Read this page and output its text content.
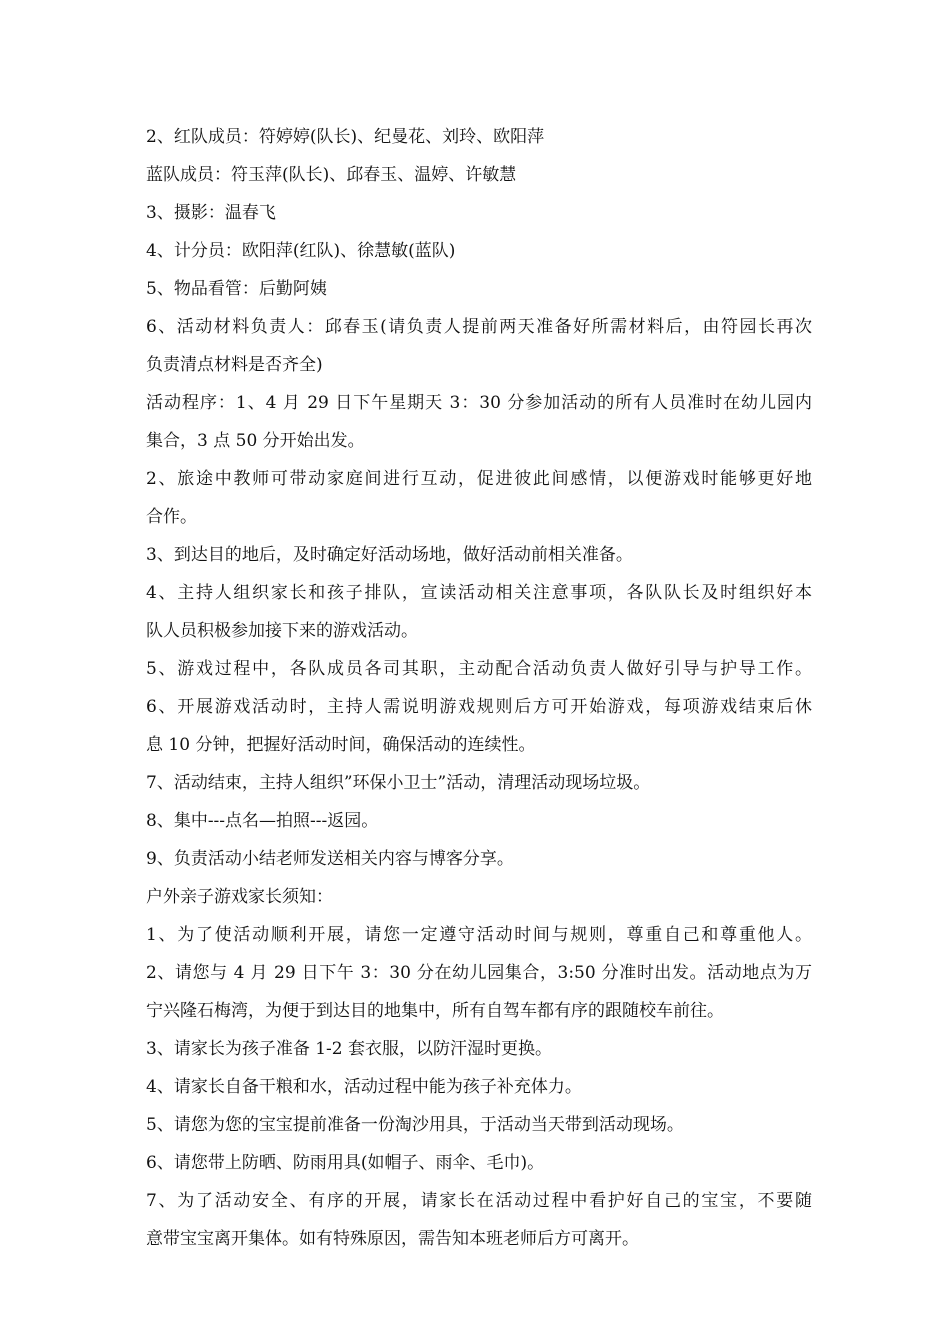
2、红队成员：符婷婷(队长)、纪曼花、刘玲、欧阳萍
蓝队成员：符玉萍(队长)、邱春玉、温婷、许敏慧
3、摄影：温春飞
4、计分员：欧阳萍(红队)、徐慧敏(蓝队)
5、物品看管：后勤阿姨
6、活动材料负责人：邱春玉(请负责人提前两天准备好所需材料后，由符园长再次
负责清点材料是否齐全)
活动程序：1、4 月 29 日下午星期天 3：30 分参加活动的所有人员准时在幼儿园内
集合，3 点 50 分开始出发。
2、旅途中教师可带动家庭间进行互动，促进彼此间感情，以便游戏时能够更好地
合作。
3、到达目的地后，及时确定好活动场地，做好活动前相关准备。
4、主持人组织家长和孩子排队，宣读活动相关注意事项，各队队长及时组织好本
队人员积极参加接下来的游戏活动。
5、游戏过程中，各队成员各司其职，主动配合活动负责人做好引导与护导工作。
6、开展游戏活动时，主持人需说明游戏规则后方可开始游戏，每项游戏结束后休
息 10 分钟，把握好活动时间，确保活动的连续性。
7、活动结束，主持人组织”环保小卫士”活动，清理活动现场垃圾。
8、集中---点名—拍照---返园。
9、负责活动小结老师发送相关内容与博客分享。
户外亲子游戏家长须知：
1、为了使活动顺利开展，请您一定遵守活动时间与规则，尊重自己和尊重他人。
2、请您与 4 月 29 日下午 3：30 分在幼儿园集合，3:50 分准时出发。活动地点为万
宁兴隆石梅湾，为便于到达目的地集中，所有自驾车都有序的跟随校车前往。
3、请家长为孩子准备 1-2 套衣服，以防汗湿时更换。
4、请家长自备干粮和水，活动过程中能为孩子补充体力。
5、请您为您的宝宝提前准备一份淘沙用具，于活动当天带到活动现场。
6、请您带上防晒、防雨用具(如帽子、雨伞、毛巾)。
7、为了活动安全、有序的开展，请家长在活动过程中看护好自己的宝宝，不要随
意带宝宝离开集体。如有特殊原因，需告知本班老师后方可离开。
